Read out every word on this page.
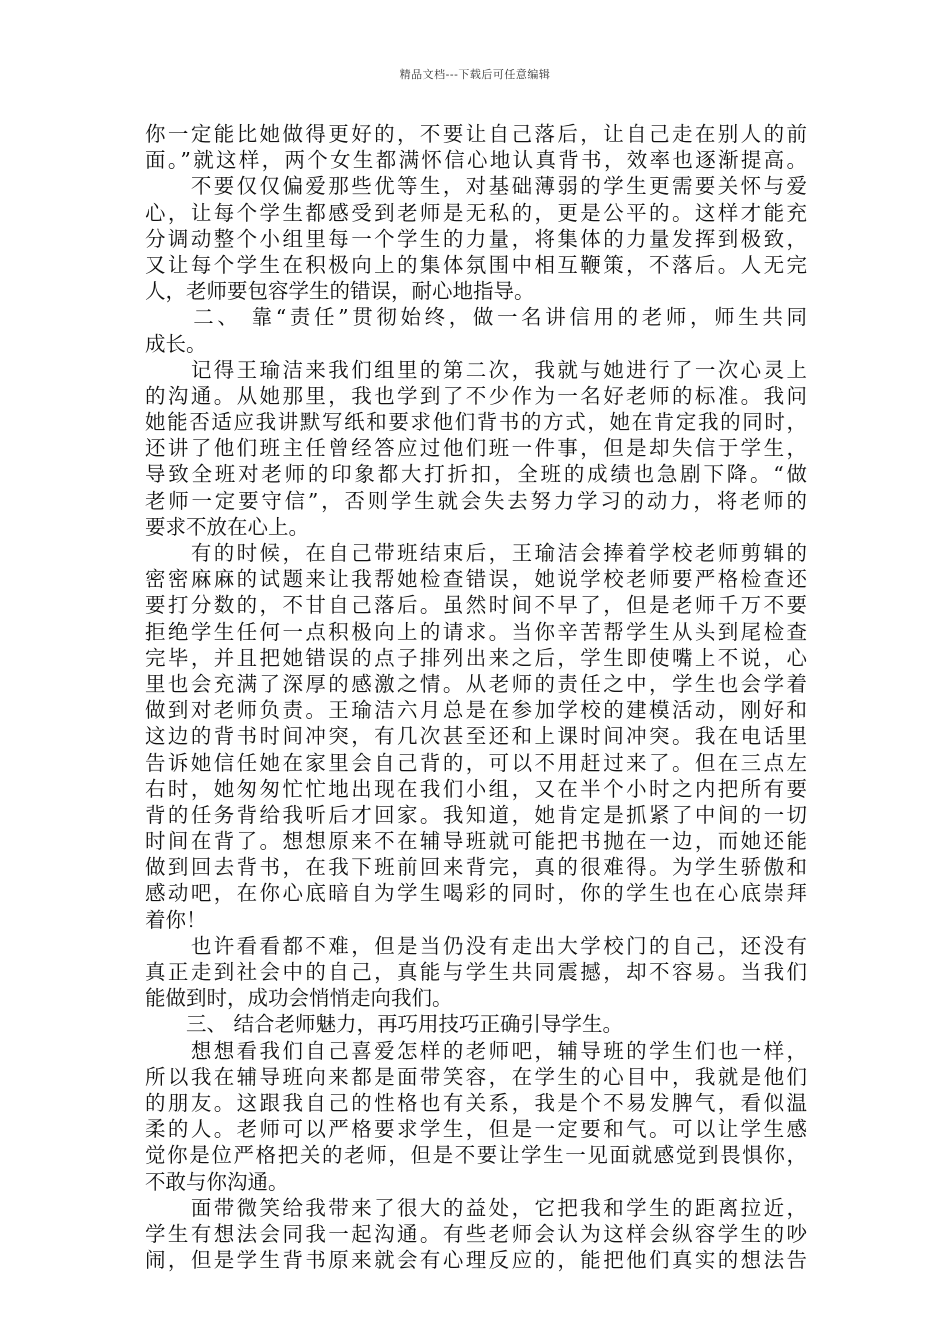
精品文档---下载后可任意编辑
你一定能比她做得更好的，不要让自己落后，让自己走在别人的前
面。”就这样，两个女生都满怀信心地认真背书，效率也逐渐提高。
　　不要仅仅偏爱那些优等生，对基础薄弱的学生更需要关怀与爱
心，让每个学生都感受到老师是无私的，更是公平的。这样才能充
分调动整个小组里每一个学生的力量，将集体的力量发挥到极致，
又让每个学生在积极向上的集体氛围中相互鞭策，不落后。人无完
人，老师要包容学生的错误，耐心地指导。
　　二、 靠“责任”贯彻始终，做一名讲信用的老师，师生共同
成长。
　　记得王瑜洁来我们组里的第二次，我就与她进行了一次心灵上
的沟通。从她那里，我也学到了不少作为一名好老师的标准。我问
她能否适应我讲默写纸和要求他们背书的方式，她在肯定我的同时，
还讲了他们班主任曾经答应过他们班一件事，但是却失信于学生，
导致全班对老师的印象都大打折扣，全班的成绩也急剧下降。“做
老师一定要守信”，否则学生就会失去努力学习的动力，将老师的
要求不放在心上。
　　有的时候，在自己带班结束后，王瑜洁会捧着学校老师剪辑的
密密麻麻的试题来让我帮她检查错误，她说学校老师要严格检查还
要打分数的，不甘自己落后。虽然时间不早了，但是老师千万不要
拒绝学生任何一点积极向上的请求。当你辛苦帮学生从头到尾检查
完毕，并且把她错误的点子排列出来之后，学生即使嘴上不说，心
里也会充满了深厚的感激之情。从老师的责任之中，学生也会学着
做到对老师负责。王瑜洁六月总是在参加学校的建模活动，刚好和
这边的背书时间冲突，有几次甚至还和上课时间冲突。我在电话里
告诉她信任她在家里会自己背的，可以不用赶过来了。但在三点左
右时，她匆匆忙忙地出现在我们小组，又在半个小时之内把所有要
背的任务背给我听后才回家。我知道，她肯定是抓紧了中间的一切
时间在背了。想想原来不在辅导班就可能把书抛在一边，而她还能
做到回去背书，在我下班前回来背完，真的很难得。为学生骄傲和
感动吧，在你心底暗自为学生喝彩的同时，你的学生也在心底崇拜
着你！
　　也许看看都不难，但是当仍没有走出大学校门的自己，还没有
真正走到社会中的自己，真能与学生共同震撼，却不容易。当我们
能做到时，成功会悄悄走向我们。
　　三、 结合老师魅力，再巧用技巧正确引导学生。
　　想想看我们自己喜爱怎样的老师吧，辅导班的学生们也一样，
所以我在辅导班向来都是面带笑容，在学生的心目中，我就是他们
的朋友。这跟我自己的性格也有关系，我是个不易发脾气，看似温
柔的人。老师可以严格要求学生，但是一定要和气。可以让学生感
觉你是位严格把关的老师，但是不要让学生一见面就感觉到畏惧你，
不敢与你沟通。
　　面带微笑给我带来了很大的益处，它把我和学生的距离拉近，
学生有想法会同我一起沟通。有些老师会认为这样会纵容学生的吵
闹，但是学生背书原来就会有心理反应的，能把他们真实的想法告
